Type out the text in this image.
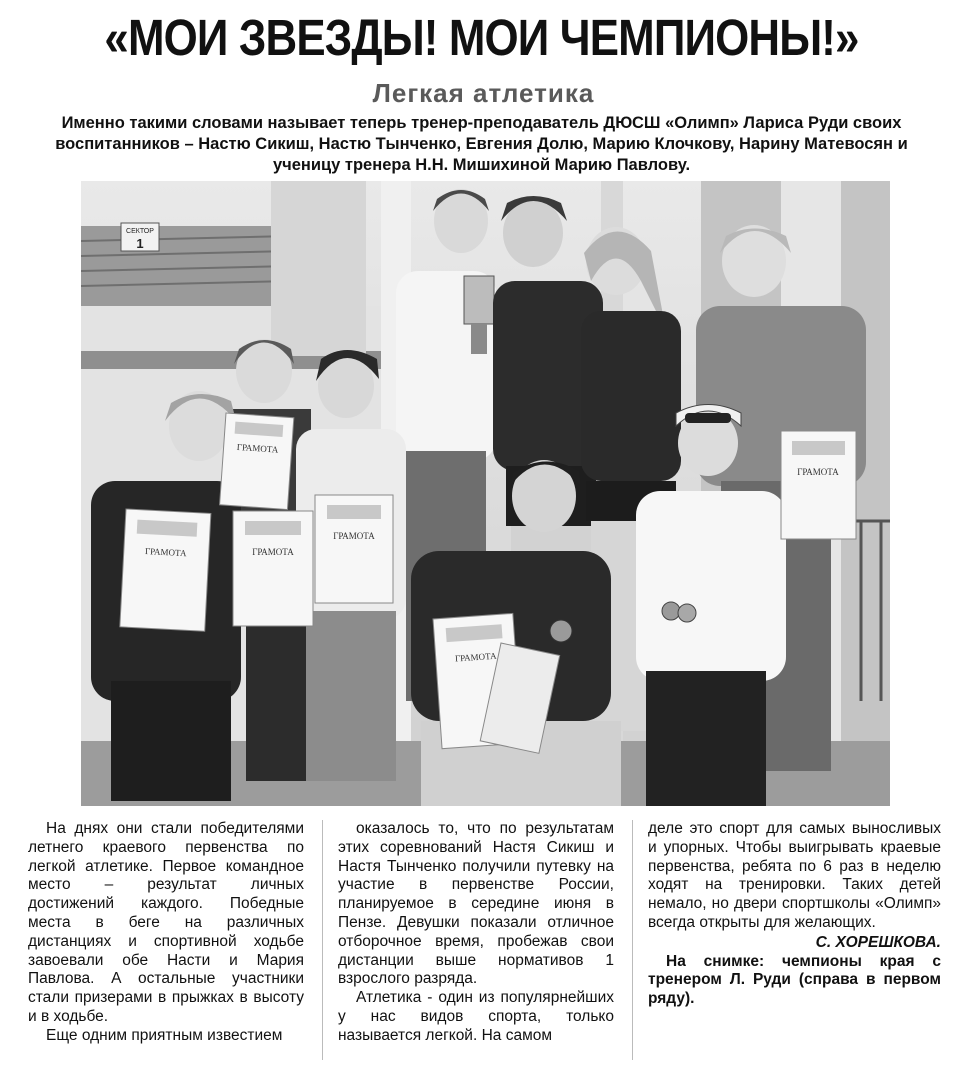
«МОИ ЗВЕЗДЫ! МОИ ЧЕМПИОНЫ!»
Легкая атлетика
Именно такими словами называет теперь тренер-преподаватель ДЮСШ «Олимп» Лариса Руди своих воспитанников – Настю Сикиш, Настю Тынченко, Евгения Долю, Марию Клочкову, Нарину Матевосян и ученицу тренера Н.Н. Мишихиной Марию Павлову.
СЕКТОР
1
ГРАМОТА
ГРАМОТА	ГРАМОТА
ГРАМОТА
ГРАМОТА
ГРАМОТА

На днях они стали победителями летнего краевого первенства по легкой атлетике. Первое командное место – результат личных достижений каждого. Победные места в беге на различных дистанциях и спортивной ходьбе завоевали обе Насти и Мария Павлова. А остальные участники стали призерами в прыжках в высоту и в ходьбе.

Еще одним приятным известием

оказалось то, что по результатам этих соревнований Настя Сикиш и Настя Тынченко получили путевку на участие в первенстве России, планируемое в середине июня в Пензе. Девушки показали отличное отборочное время, пробежав свои дистанции выше нормативов 1 взрослого разряда.

Атлетика - один из популярнейших у нас видов спорта, только называется легкой. На самом

деле это спорт для самых выносливых и упорных. Чтобы выигрывать краевые первенства, ребята по 6 раз в неделю ходят на тренировки. Таких детей немало, но двери спортшколы «Олимп» всегда открыты для желающих.

С. ХОРЕШКОВА.

На снимке: чемпионы края с тренером Л. Руди (справа в первом ряду).
